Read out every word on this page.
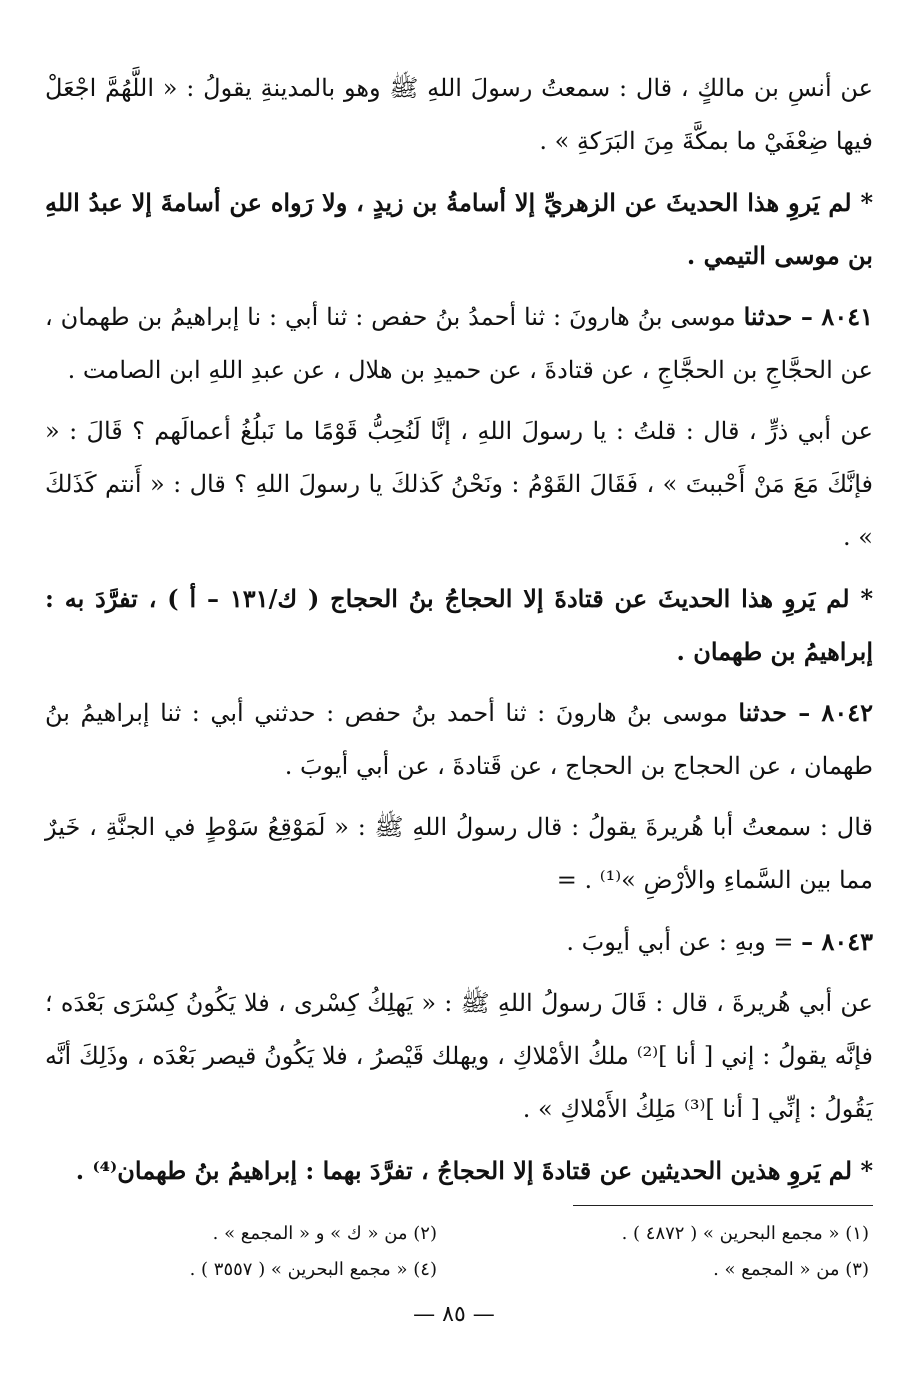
عن أنسِ بن مالكٍ ، قال : سمعتُ رسولَ اللهِ ﷺ وهو بالمدينةِ يقولُ : « اللَّهُمَّ اجْعَلْ فيها ضِعْفَيْ ما بمكَّةَ مِنَ البَرَكةِ » .

* لم يَروِ هذا الحديثَ عن الزهريِّ إلا أسامةُ بن زيدٍ ، ولا رَواه عن أسامةَ إلا عبدُ اللهِ بن موسى التيمي .

٨٠٤١ – حدثنا موسى بنُ هارونَ : ثنا أحمدُ بنُ حفص : ثنا أبي : نا إبراهيمُ بن طهمان ، عن الحجَّاجِ بن الحجَّاجِ ، عن قتادةَ ، عن حميدِ بن هلال ، عن عبدِ اللهِ ابن الصامت .

عن أبي ذرٍّ ، قال : قلتُ : يا رسولَ اللهِ ، إنَّا لَنُحِبُّ قَوْمًا ما نَبلُغُ أعمالَهم ؟ قَالَ : « فإنَّكَ مَعَ مَنْ أَحْببتَ » ، فَقَالَ القَوْمُ : ونَحْنُ كَذلكَ يا رسولَ اللهِ ؟ قال : « أَنتم كَذَلكَ » .

* لم يَروِ هذا الحديثَ عن قتادةَ إلا الحجاجُ بنُ الحجاج ( ك/١٣١ – أ ) ، تفرَّدَ به : إبراهيمُ بن طهمان .

٨٠٤٢ – حدثنا موسى بنُ هارونَ : ثنا أحمد بنُ حفص : حدثني أبي : ثنا إبراهيمُ بنُ طهمان ، عن الحجاج بن الحجاج ، عن قَتادةَ ، عن أبي أيوبَ .

قال : سمعتُ أبا هُريرةَ يقولُ : قال رسولُ اللهِ ﷺ : « لَمَوْقِعُ سَوْطٍ في الجنَّةِ ، خَيرٌ مما بين السَّماءِ والأرْضِ »⁽¹⁾ . =

٨٠٤٣ – = وبهِ : عن أبي أيوبَ .

عن أبي هُريرةَ ، قال : قَالَ رسولُ اللهِ ﷺ : « يَهلِكُ كِسْرى ، فلا يَكُونُ كِسْرَى بَعْدَه ؛ فإنَّه يقولُ : إني [ أنا ]⁽²⁾ ملكُ الأمْلاكِ ، ويهلك قَيْصرُ ، فلا يَكُونُ قيصر بَعْدَه ، وذَلِكَ أنَّه يَقُولُ : إنِّي [ أنا ]⁽³⁾ مَلِكُ الأَمْلاكِ » .

* لم يَروِ هذين الحديثين عن قتادةَ إلا الحجاجُ ، تفرَّدَ بهما : إبراهيمُ بنُ طهمان⁽⁴⁾ .

(١) « مجمع البحرين » ( ٤٨٧٢ ) .
(٢) من « ك » و « المجمع » .
(٣) من « المجمع » .
(٤) « مجمع البحرين » ( ٣٥٥٧ ) .
— ٨٥ —
